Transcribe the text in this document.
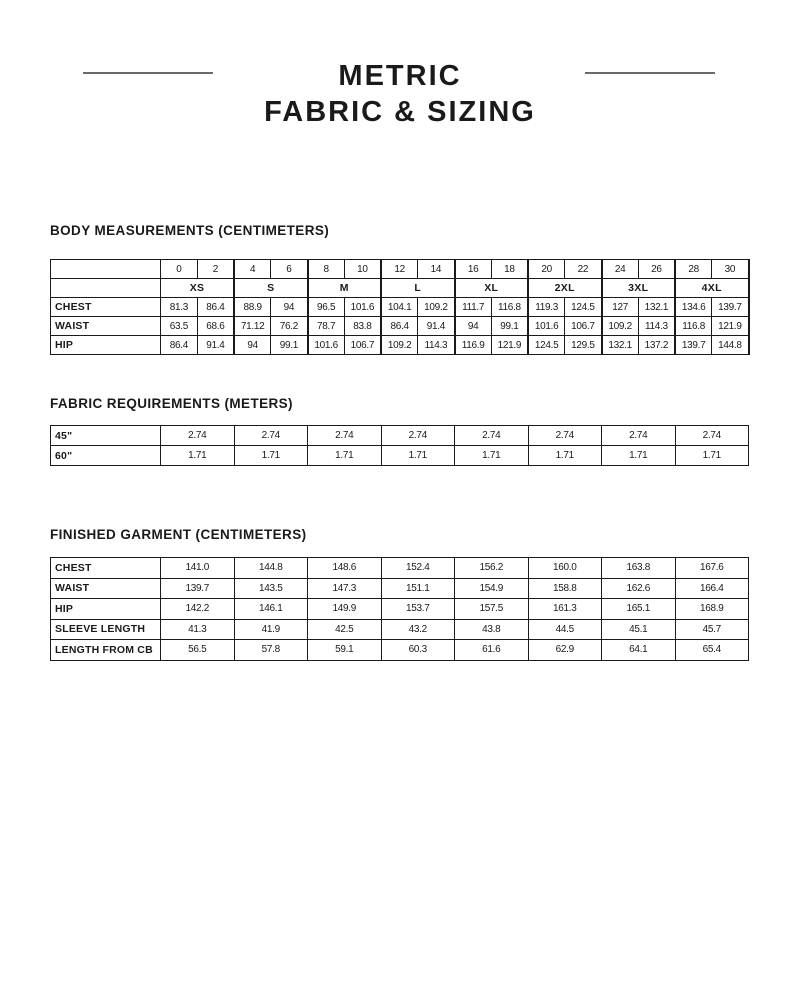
METRIC
FABRIC & SIZING
BODY MEASUREMENTS (CENTIMETERS)
	0	2	4	6	8	10	12	14	16	18	20	22	24	26	28	30
	XS		S		M		L		XL		2XL		3XL		4XL	
CHEST	81.3	86.4	88.9	94	96.5	101.6	104.1	109.2	111.7	116.8	119.3	124.5	127	132.1	134.6	139.7
WAIST	63.5	68.6	71.12	76.2	78.7	83.8	86.4	91.4	94	99.1	101.6	106.7	109.2	114.3	116.8	121.9
HIP	86.4	91.4	94	99.1	101.6	106.7	109.2	114.3	116.9	121.9	124.5	129.5	132.1	137.2	139.7	144.8
FABRIC REQUIREMENTS (METERS)
45"	2.74	2.74	2.74	2.74	2.74	2.74	2.74	2.74
60"	1.71	1.71	1.71	1.71	1.71	1.71	1.71	1.71
FINISHED GARMENT (CENTIMETERS)
CHEST	141.0	144.8	148.6	152.4	156.2	160.0	163.8	167.6
WAIST	139.7	143.5	147.3	151.1	154.9	158.8	162.6	166.4
HIP	142.2	146.1	149.9	153.7	157.5	161.3	165.1	168.9
SLEEVE LENGTH	41.3	41.9	42.5	43.2	43.8	44.5	45.1	45.7
LENGTH FROM CB	56.5	57.8	59.1	60.3	61.6	62.9	64.1	65.4
